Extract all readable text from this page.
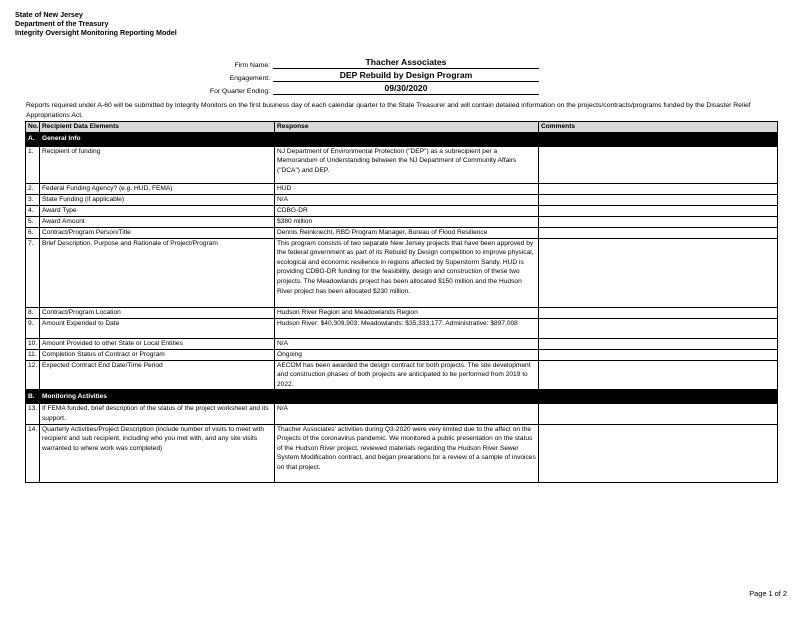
State of New Jersey
Department of the Treasury
Integrity Oversight Monitoring Reporting Model
Firm Name:	Thacher Associates
Engagement:	DEP Rebuild by Design Program
For Quarter Ending:	09/30/2020
Reports required under A-60 will be submitted by Integrity Monitors on the first business day of each calendar quarter to the State Treasurer and will contain detailed information on the projects/contracts/programs funded by the Disaster Relief Appropriations Act.
No.	Recipient Data Elements	Response	Comments
A.	General Info		
1.	Recipient of funding	NJ Department of Environmental Protection ("DEP") as a subrecipient per a Memorandum of Understanding between the NJ Department of Community Affairs ("DCA") and DEP.	
2.	Federal Funding Agency? (e.g. HUD, FEMA)	HUD	
3.	State Funding (if applicable)	N/A	
4.	Award Type	CDBG-DR	
5.	Award Amount	$380 million	
6.	Contract/Program Person/Title	Dennis Reinknecht, RBD Program Manager, Bureau of Flood Resilience	
7.	Brief Description, Purpose and Rationale of Project/Program	This program consists of two separate New Jersey projects that have been approved by the federal government as part of its Rebuild by Design competition to improve physical, ecological and economic resilience in regions affected by Superstorm Sandy. HUD is providing CDBG-DR funding for the feasibility, design and construction of these two projects. The Meadowlands project has been allocated $150 million and the Hudson River project has been allocated $230 million.	
8.	Contract/Program Location	Hudson River Region and Meadowlands Region	
9.	Amount Expended to Date	Hudson River: $40,309,903; Meadowlands: $35,333,177; Administrative: $897,008	
10.	Amount Provided to other State or Local Entities	N/A	
11.	Completion Status of Contract or Program	Ongoing	
12.	Expected Contract End Date/Time Period	AECOM has been awarded the design contract for both projects. The site development and construction phases of both projects are anticipated to be performed from 2019 to 2022.	
B.	Monitoring Activities		
13.	If FEMA funded, brief description of the status of the project worksheet and its support.	N/A	
14.	Quarterly Activities/Project Description (include number of visits to meet with recipient and sub recipient, including who you met with, and any site visits warranted to where work was completed)	Thacher Associates' activities during Q3-2020 were very limited due to the affect on the Projects of the coronavirus pandemic. We monitored a public presentation on the status of the Hudson River project, reviewed materials regarding the Hudson River Sewer System Modification contract, and began prearations for a review of a sample of invoices on that project.	
Page 1 of 2
